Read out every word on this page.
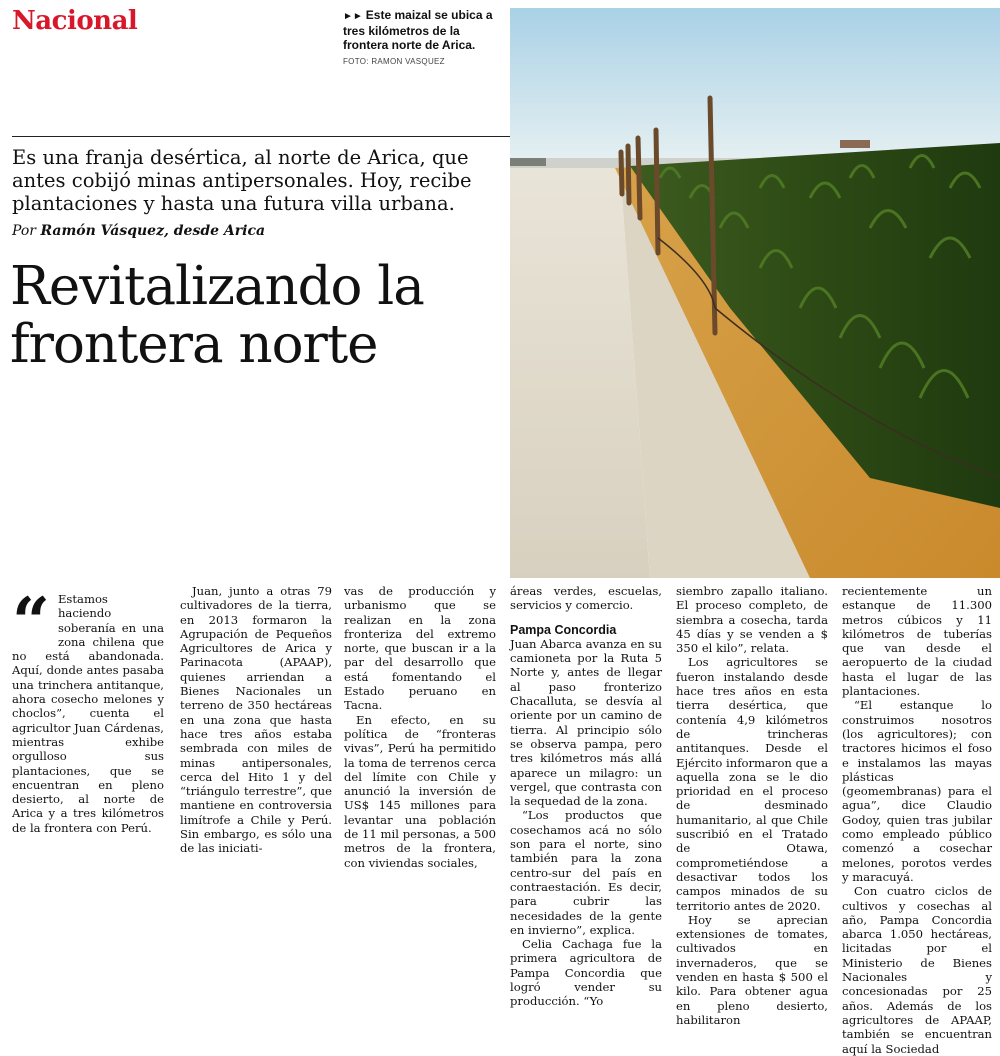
Nacional	►► Este maizal se ubica a tres kilómetros de la frontera norte de Arica.
FOTO: RAMON VASQUEZ
Es una franja desértica, al norte de Arica, que antes cobijó minas antipersonales. Hoy, recibe plantaciones y hasta una futura villa urbana.
Por Ramón Vásquez, desde Arica
Revitalizando la frontera norte
“ Estamos haciendo soberanía en una zona chilena que no está abandonada. Aquí, donde antes pasaba una trinchera antitanque, ahora cosecho melones y choclos”, cuenta el agricultor Juan Cárdenas, mientras exhibe orgulloso sus plantaciones, que se encuentran en pleno desierto, al norte de Arica y a tres kilómetros de la frontera con Perú.

Juan, junto a otras 79 cultivadores de la tierra, en 2013 formaron la Agrupación de Pequeños Agricultores de Arica y Parinacota (APAAP), quienes arriendan a Bienes Nacionales un terreno de 350 hectáreas en una zona que hasta hace tres años estaba sembrada con miles de minas antipersonales, cerca del Hito 1 y del “triángulo terrestre”, que mantiene en controversia limítrofe a Chile y Perú. Sin embargo, es sólo una de las iniciati-

vas de producción y urbanismo que se realizan en la zona fronteriza del extremo norte, que buscan ir a la par del desarrollo que está fomentando el Estado peruano en Tacna.

En efecto, en su política de “fronteras vivas”, Perú ha permitido la toma de terrenos cerca del límite con Chile y anunció la inversión de US$ 145 millones para levantar una población de 11 mil personas, a 500 metros de la frontera, con viviendas sociales,

áreas verdes, escuelas, servicios y comercio.

Pampa Concordia

Juan Abarca avanza en su camioneta por la Ruta 5 Norte y, antes de llegar al paso fronterizo Chacalluta, se desvía al oriente por un camino de tierra. Al principio sólo se observa pampa, pero tres kilómetros más allá aparece un milagro: un vergel, que contrasta con la sequedad de la zona.

“Los productos que cosechamos acá no sólo son para el norte, sino también para la zona centro-sur del país en contraestación. Es decir, para cubrir las necesidades de la gente en invierno”, explica.

Celia Cachaga fue la primera agricultora de Pampa Concordia que logró vender su producción. “Yo

siembro zapallo italiano. El proceso completo, de siembra a cosecha, tarda 45 días y se venden a $ 350 el kilo”, relata.

Los agricultores se fueron instalando desde hace tres años en esta tierra desértica, que contenía 4,9 kilómetros de trincheras antitanques. Desde el Ejército informaron que a aquella zona se le dio prioridad en el proceso de desminado humanitario, al que Chile suscribió en el Tratado de Otawa, comprometiéndose a desactivar todos los campos minados de su territorio antes de 2020.

Hoy se aprecian extensiones de tomates, cultivados en invernaderos, que se venden en hasta $ 500 el kilo. Para obtener agua en pleno desierto, habilitaron

recientemente un estanque de 11.300 metros cúbicos y 11 kilómetros de tuberías que van desde el aeropuerto de la ciudad hasta el lugar de las plantaciones.

“El estanque lo construimos nosotros (los agricultores); con tractores hicimos el foso e instalamos las mayas plásticas (geomembranas) para el agua”, dice Claudio Godoy, quien tras jubilar como empleado público comenzó a cosechar melones, porotos verdes y maracuyá.

Con cuatro ciclos de cultivos y cosechas al año, Pampa Concordia abarca 1.050 hectáreas, licitadas por el Ministerio de Bienes Nacionales y concesionadas por 25 años. Además de los agricultores de APAAP, también se encuentran aquí la Sociedad
